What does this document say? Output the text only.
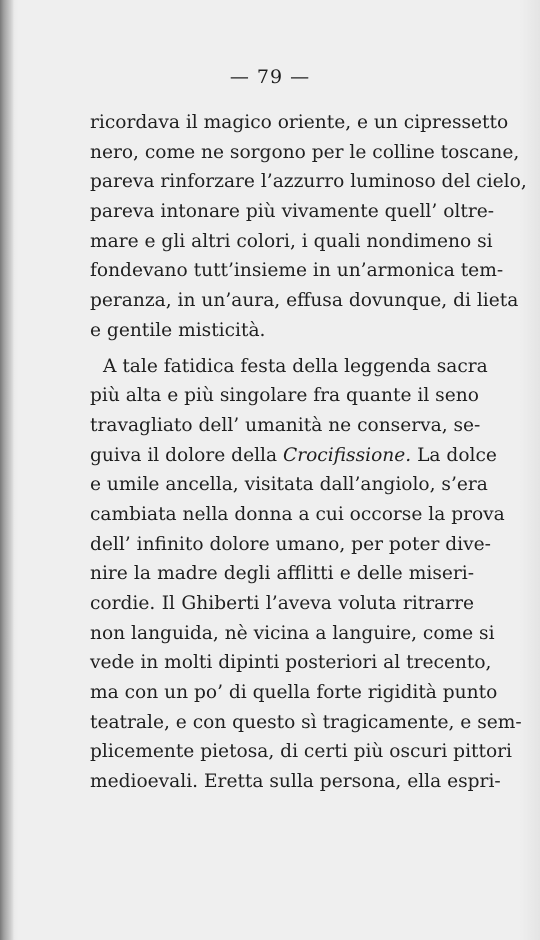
— 79 —
ricordava il magico oriente, e un cipressetto
nero, come ne sorgono per le colline toscane,
pareva rinforzare l’azzurro luminoso del cielo,
pareva intonare più vivamente quell’ oltre-
mare e gli altri colori, i quali nondimeno si
fondevano tutt’insieme in un’armonica tem-
peranza, in un’aura, effusa dovunque, di lieta
e gentile misticità.
A tale fatidica festa della leggenda sacra
più alta e più singolare fra quante il seno
travagliato dell’ umanità ne conserva, se-
guiva il dolore della Crocifissione. La dolce
e umile ancella, visitata dall’angiolo, s’era
cambiata nella donna a cui occorse la prova
dell’ infinito dolore umano, per poter dive-
nire la madre degli afflitti e delle miseri-
cordie. Il Ghiberti l’aveva voluta ritrarre
non languida, nè vicina a languire, come si
vede in molti dipinti posteriori al trecento,
ma con un po’ di quella forte rigidità punto
teatrale, e con questo sì tragicamente, e sem-
plicemente pietosa, di certi più oscuri pittori
medioevali. Eretta sulla persona, ella espri-
